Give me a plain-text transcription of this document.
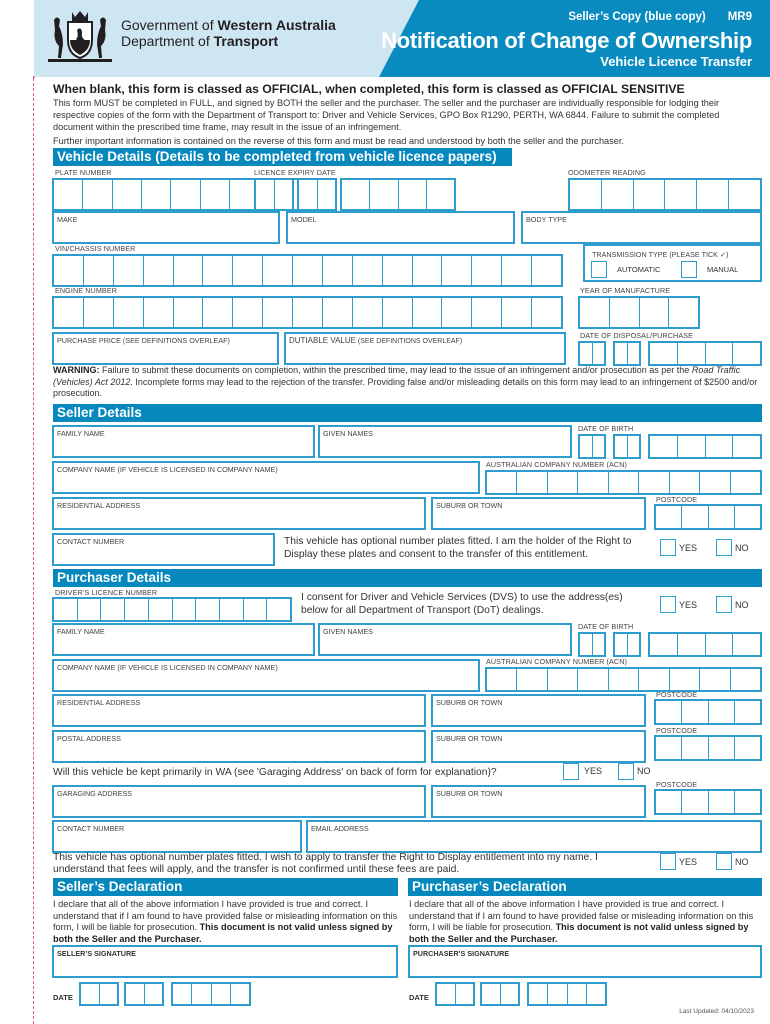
Government of Western Australia
Department of Transport
Seller’s Copy (blue copy) MR9
Notification of Change of Ownership
Vehicle Licence Transfer
When blank, this form is classed as OFFICIAL, when completed, this form is classed as OFFICIAL SENSITIVE

This form MUST be completed in FULL, and signed by BOTH the seller and the purchaser. The seller and the purchaser are individually responsible for lodging their respective copies of the form with the Department of Transport to: Driver and Vehicle Services, GPO Box R1290, PERTH, WA 6844. Failure to submit the completed document within the prescribed time frame, may result in the issue of an infringement.

Further important information is contained on the reverse of this form and must be read and understood by both the seller and the purchaser.

Vehicle Details (Details to be completed from vehicle licence papers)
PLATE NUMBER	LICENCE EXPIRY DATE	ODOMETER READING
MAKE	MODEL	BODY TYPE
VIN/CHASSIS NUMBER
TRANSMISSION TYPE (PLEASE TICK ✓)
AUTOMATIC	MANUAL
ENGINE NUMBER	YEAR OF MANUFACTURE
PURCHASE PRICE (SEE DEFINITIONS OVERLEAF)	DUTIABLE VALUE (SEE DEFINITIONS OVERLEAF)
DATE OF DISPOSAL/PURCHASE
WARNING: Failure to submit these documents on completion, within the prescribed time, may lead to the issue of an infringement and/or prosecution as per the Road Traffic (Vehicles) Act 2012. Incomplete forms may lead to the rejection of the transfer. Providing false and/or misleading details on this form may lead to an infringement of $2500 and/or prosecution.
Seller Details
FAMILY NAME	GIVEN NAMES
DATE OF BIRTH
COMPANY NAME (IF VEHICLE IS LICENSED IN COMPANY NAME)
AUSTRALIAN COMPANY NUMBER (ACN)
RESIDENTIAL ADDRESS	SUBURB OR TOWN
POSTCODE
CONTACT NUMBER	This vehicle has optional number plates fitted. I am the holder of the Right to Display these plates and consent to the transfer of this entitlement.
YES	NO
Purchaser Details
DRIVER’S LICENCE NUMBER	I consent for Driver and Vehicle Services (DVS) to use the address(es) below for all Department of Transport (DoT) dealings.	YES	NO
FAMILY NAME	GIVEN NAMES
DATE OF BIRTH
COMPANY NAME (IF VEHICLE IS LICENSED IN COMPANY NAME)
AUSTRALIAN COMPANY NUMBER (ACN)
RESIDENTIAL ADDRESS	SUBURB OR TOWN
POSTCODE
POSTAL ADDRESS	SUBURB OR TOWN
POSTCODE
Will this vehicle be kept primarily in WA (see 'Garaging Address' on back of form for explanation)?	YES	NO
GARAGING ADDRESS	SUBURB OR TOWN
POSTCODE
CONTACT NUMBER	EMAIL ADDRESS
This vehicle has optional number plates fitted. I wish to apply to transfer the Right to Display entitlement into my name. I understand that fees will apply, and the transfer is not confirmed until these fees are paid.
YES	NO
Seller’s Declaration	Purchaser’s Declaration
I declare that all of the above information I have provided is true and correct. I understand that if I am found to have provided false or misleading information on this form, I will be liable for prosecution. This document is not valid unless signed by both the Seller and the Purchaser.
I declare that all of the above information I have provided is true and correct. I understand that if I am found to have provided false or misleading information on this form, I will be liable for prosecution. This document is not valid unless signed by both the Seller and the Purchaser.
SELLER’S SIGNATURE	PURCHASER’S SIGNATURE
DATE	DATE
Last Updated: 04/10/2023
